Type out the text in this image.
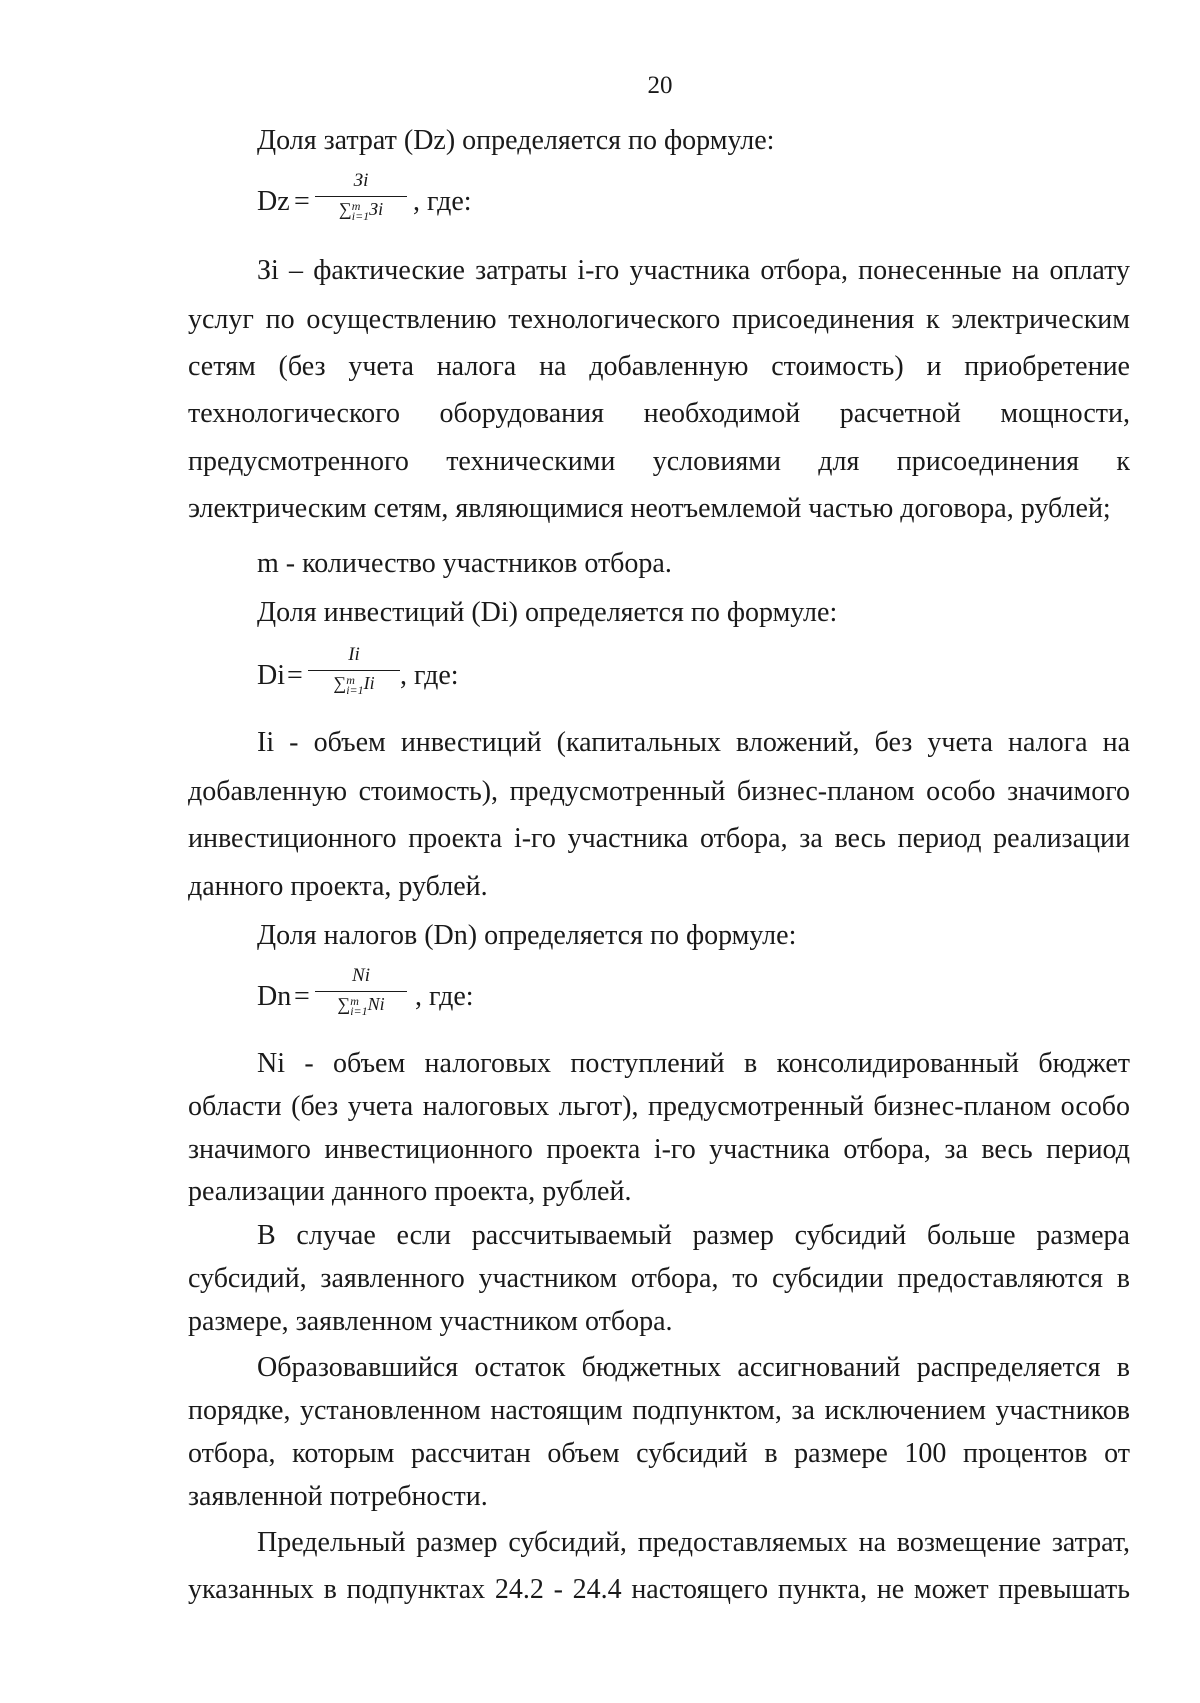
20
Доля затрат (Dz) определяется по формуле:
Dz =
Зi
∑ m
i=1 Зi	, где:
Зi – фактические затраты i-го участника отбора, понесенные на оплату
услуг по осуществлению технологического присоединения к электрическим
сетям (без учета налога на добавленную стоимость) и приобретение
технологического оборудования необходимой расчетной мощности,
предусмотренного техническими условиями для присоединения к
электрическим сетям, являющимися неотъемлемой частью договора, рублей;
m - количество участников отбора.
Доля инвестиций (Di) определяется по формуле:
Di =
Ii
∑ m
i=1 Ii , где:
Ii - объем инвестиций (капитальных вложений, без учета налога на
добавленную стоимость), предусмотренный бизнес-планом особо значимого
инвестиционного проекта i-го участника отбора, за весь период реализации
данного проекта, рублей.
Доля налогов (Dn) определяется по формуле:
Dn =
Ni
∑ m
i=1 Ni	, где:
Ni - объем налоговых поступлений в консолидированный бюджет
области (без учета налоговых льгот), предусмотренный бизнес-планом особо
значимого инвестиционного проекта i-го участника отбора, за весь период
реализации данного проекта, рублей.
В случае если рассчитываемый размер субсидий больше размера
субсидий, заявленного участником отбора, то субсидии предоставляются в
размере, заявленном участником отбора.
Образовавшийся остаток бюджетных ассигнований распределяется в
порядке, установленном настоящим подпунктом, за исключением участников
отбора, которым рассчитан объем субсидий в размере 100 процентов от
заявленной потребности.
Предельный размер субсидий, предоставляемых на возмещение затрат,
указанных в подпунктах 24.2 - 24.4 настоящего пункта, не может превышать
